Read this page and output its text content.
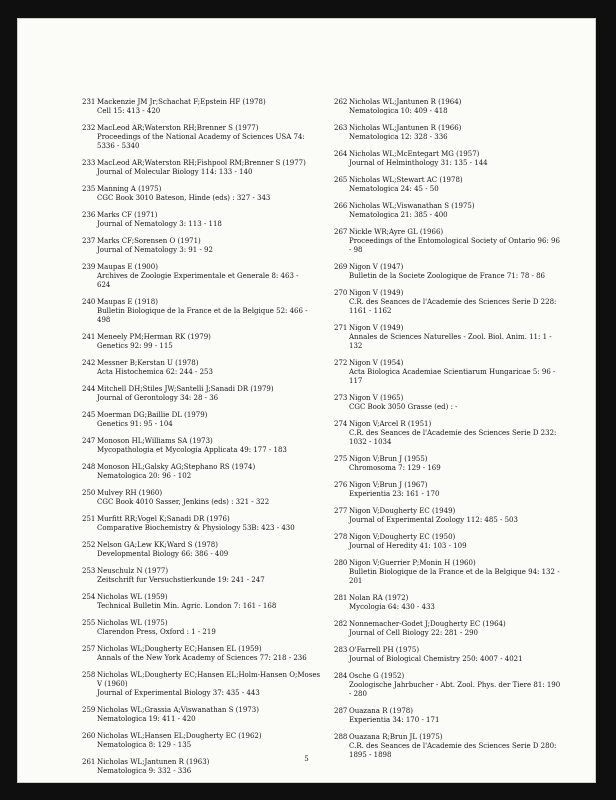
231 Mackenzie JM Jr;Schachat F;Epstein HF (1978)
Cell 15: 413 - 420
232 MacLeod AR;Waterston RH;Brenner S (1977)
Proceedings of the National Academy of Sciences USA 74:
5336 - 5340
233 MacLeod AR;Waterston RH;Fishpool RM;Brenner S (1977)
Journal of Molecular Biology 114: 133 - 140
235 Manning A (1975)
CGC Book 3010 Bateson, Hinde (eds) : 327 - 343
236 Marks CF (1971)
Journal of Nematology 3: 113 - 118
237 Marks CF;Sorensen O (1971)
Journal of Nematology 3: 91 - 92
239 Maupas E (1900)
Archives de Zoologie Experimentale et Generale 8: 463 -
624
240 Maupas E (1918)
Bulletin Biologique de la France et de la Belgique 52: 466 -
498
241 Meneely PM;Herman RK (1979)
Genetics 92: 99 - 115
242 Messner B;Kerstan U (1978)
Acta Histochemica 62: 244 - 253
244 Mitchell DH;Stiles JW;Santelli J;Sanadi DR (1979)
Journal of Gerontology 34: 28 - 36
245 Moerman DG;Baillie DL (1979)
Genetics 91: 95 - 104
247 Monoson HL;Williams SA (1973)
Mycopathologia et Mycologia Applicata 49: 177 - 183
248 Monoson HL;Galsky AG;Stephano RS (1974)
Nematologica 20: 96 - 102
250 Mulvey RH (1960)
CGC Book 4010 Sasser, Jenkins (eds) : 321 - 322
251 Murfitt RR;Vogel K;Sanadi DR (1976)
Comparative Biochemistry & Physiology 53B: 423 - 430
252 Nelson GA;Lew KK;Ward S (1978)
Developmental Biology 66: 386 - 409
253 Neuschulz N (1977)
Zeitschrift fur Versuchstierkunde 19: 241 - 247
254 Nicholas WL (1959)
Technical Bulletin Min. Agric. London 7: 161 - 168
255 Nicholas WL (1975)
Clarendon Press, Oxford : 1 - 219
257 Nicholas WL;Dougherty EC;Hansen EL (1959)
Annals of the New York Academy of Sciences 77: 218 - 236
258 Nicholas WL;Dougherty EC;Hansen EL;Holm-Hansen O;Moses
V (1960)
Journal of Experimental Biology 37: 435 - 443
259 Nicholas WL;Grassia A;Viswanathan S (1973)
Nematologica 19: 411 - 420
260 Nicholas WL;Hansen EL;Dougherty EC (1962)
Nematologica 8: 129 - 135
261 Nicholas WL;Jantunen R (1963)
Nematologica 9: 332 - 336
262 Nicholas WL;Jantunen R (1964)
Nematologica 10: 409 - 418
263 Nicholas WL;Jantunen R (1966)
Nematologica 12: 328 - 336
264 Nicholas WL;McEntegart MG (1957)
Journal of Helminthology 31: 135 - 144
265 Nicholas WL;Stewart AC (1978)
Nematologica 24: 45 - 50
266 Nicholas WL;Viswanathan S (1975)
Nematologica 21: 385 - 400
267 Nickle WR;Ayre GL (1966)
Proceedings of the Entomological Society of Ontario 96: 96
- 98
269 Nigon V (1947)
Bulletin de la Societe Zoologique de France 71: 78 - 86
270 Nigon V (1949)
C.R. des Seances de l'Academie des Sciences Serie D 228:
1161 - 1162
271 Nigon V (1949)
Annales de Sciences Naturelles - Zool. Biol. Anim. 11: 1 -
132
272 Nigon V (1954)
Acta Biologica Academiae Scientiarum Hungaricae 5: 96 -
117
273 Nigon V (1965)
CGC Book 3050 Grasse (ed) : -
274 Nigon V;Arcel R (1951)
C.R. des Seances de l'Academie des Sciences Serie D 232:
1032 - 1034
275 Nigon V;Brun J (1955)
Chromosoma 7: 129 - 169
276 Nigon V;Brun J (1967)
Experientia 23: 161 - 170
277 Nigon V;Dougherty EC (1949)
Journal of Experimental Zoology 112: 485 - 503
278 Nigon V;Dougherty EC (1950)
Journal of Heredity 41: 103 - 109
280 Nigon V;Guerrier P;Monin H (1960)
Bulletin Biologique de la France et de la Belgique 94: 132 -
201
281 Nolan RA (1972)
Mycologia 64: 430 - 433
282 Nonnemacher-Godet J;Dougherty EC (1964)
Journal of Cell Biology 22: 281 - 290
283 O'Farrell PH (1975)
Journal of Biological Chemistry 250: 4007 - 4021
284 Osche G (1952)
Zoologische Jahrbucher - Abt. Zool. Phys. der Tiere 81: 190
- 280
287 Ouazana R (1978)
Experientia 34: 170 - 171
288 Ouazana R;Brun JL (1975)
C.R. des Seances de l'Academie des Sciences Serie D 280:
1895 - 1898
5
